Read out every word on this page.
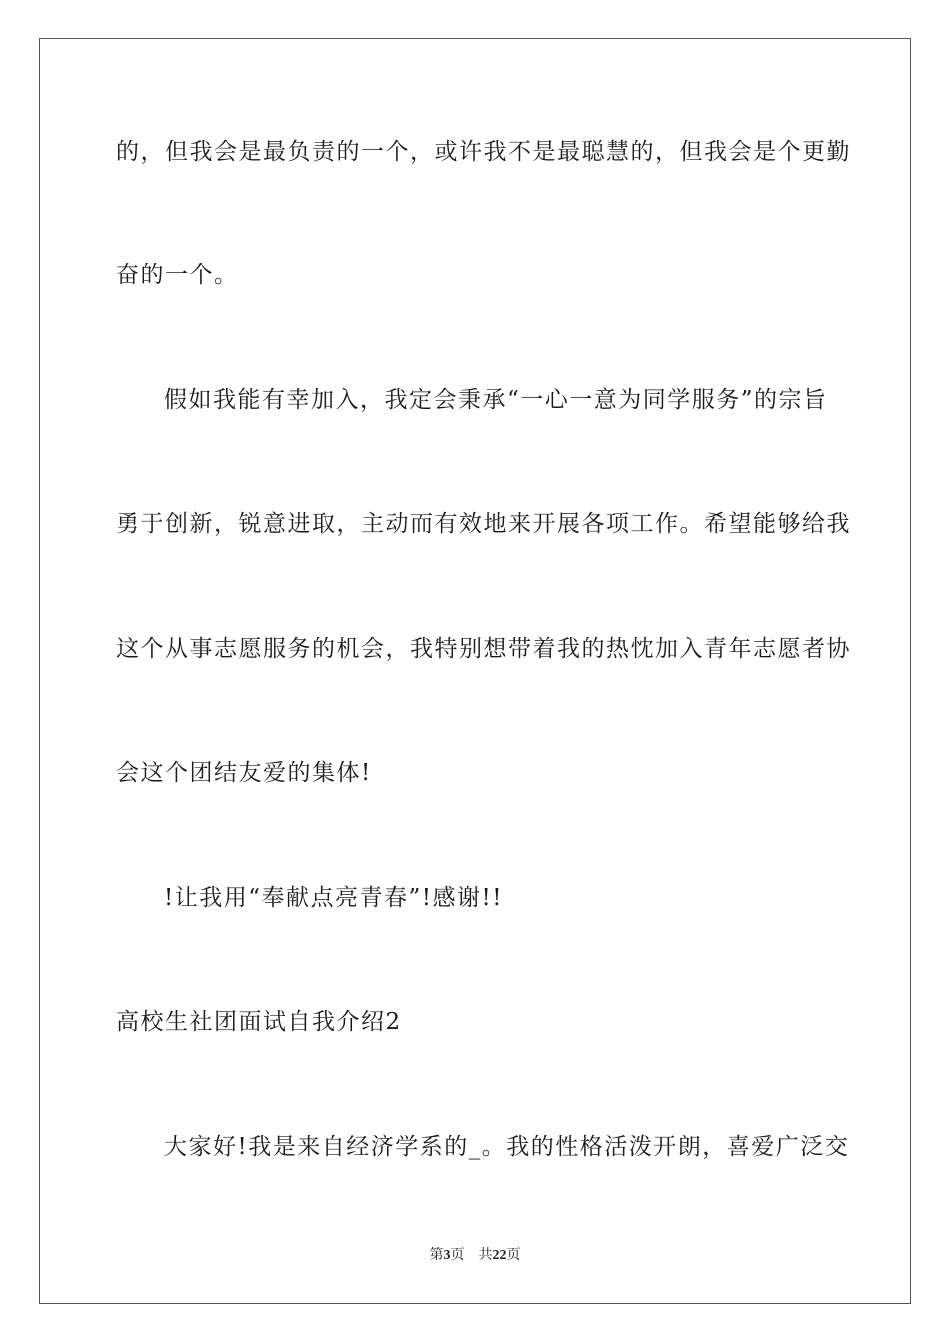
的，但我会是最负责的一个，或许我不是最聪慧的，但我会是个更勤
奋的一个。
假如我能有幸加入，我定会秉承“一心一意为同学服务”的宗旨
勇于创新，锐意进取，主动而有效地来开展各项工作。希望能够给我
这个从事志愿服务的机会，我特别想带着我的热忱加入青年志愿者协
会这个团结友爱的集体!
!让我用“奉献点亮青春”!感谢!!
高校生社团面试自我介绍2
大家好!我是来自经济学系的_。我的性格活泼开朗，喜爱广泛交
第3页 共22页
